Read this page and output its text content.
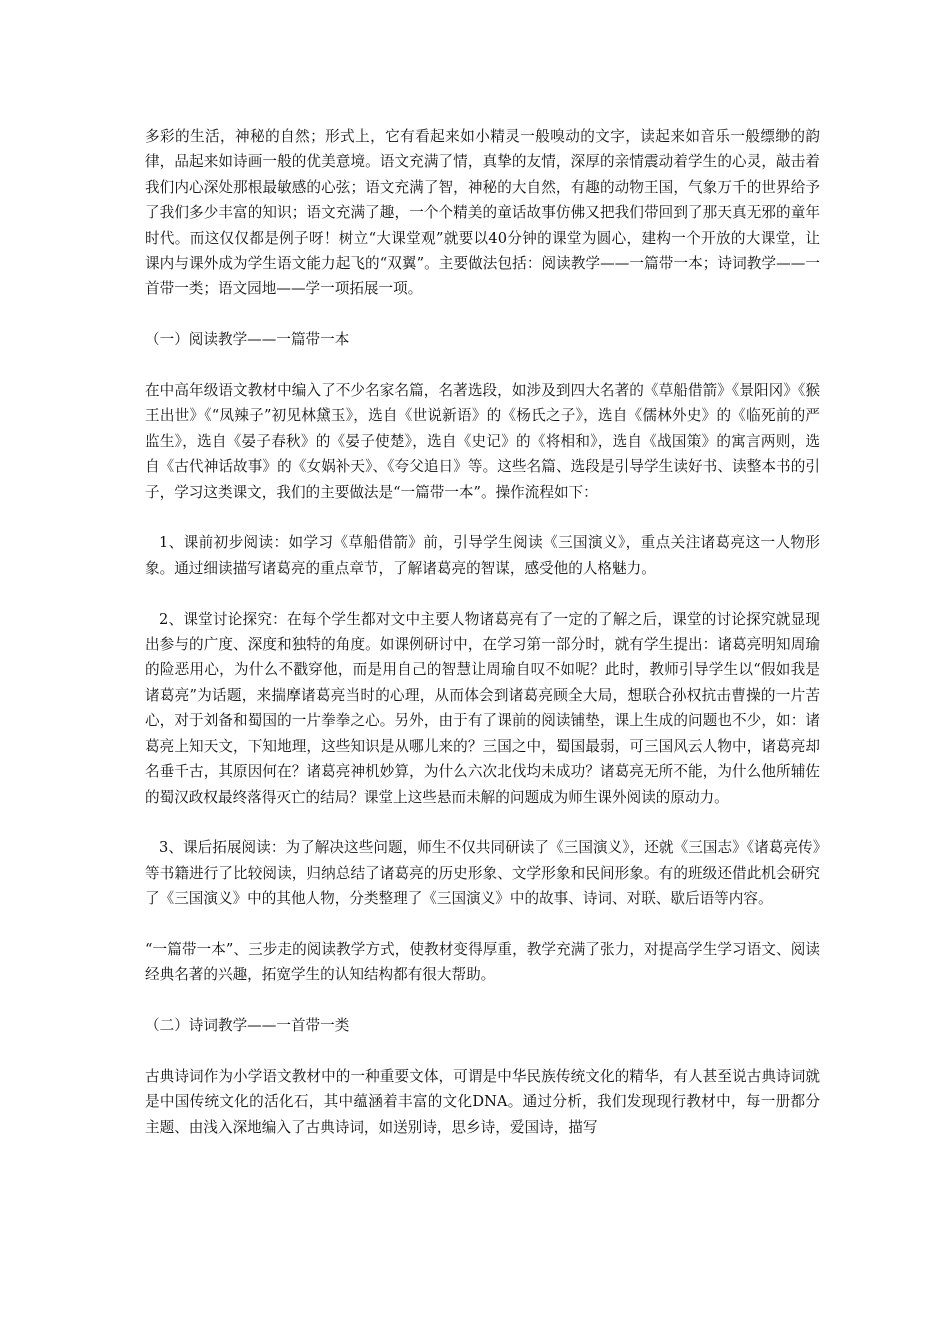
多彩的生活，神秘的自然；形式上，它有看起来如小精灵一般嗅动的文字，读起来如音乐一般缥缈的韵律，品起来如诗画一般的优美意境。语文充满了情，真挚的友情，深厚的亲情震动着学生的心灵，敲击着我们内心深处那根最敏感的心弦；语文充满了智，神秘的大自然，有趣的动物王国，气象万千的世界给予了我们多少丰富的知识；语文充满了趣，一个个精美的童话故事仿佛又把我们带回到了那天真无邪的童年时代。而这仅仅都是例子呀！树立“大课堂观”就要以40分钟的课堂为圆心，建构一个开放的大课堂，让课内与课外成为学生语文能力起飞的“双翼”。主要做法包括：阅读教学——一篇带一本；诗词教学——一首带一类；语文园地——学一项拓展一项。

（一）阅读教学——一篇带一本

在中高年级语文教材中编入了不少名家名篇，名著选段，如涉及到四大名著的《草船借箭》《景阳冈》《猴王出世》《“凤辣子”初见林黛玉》，选自《世说新语》的《杨氏之子》，选自《儒林外史》的《临死前的严监生》，选自《晏子春秋》的《晏子使楚》，选自《史记》的《将相和》，选自《战国策》的寓言两则，选自《古代神话故事》的《女娲补天》、《夸父追日》等。这些名篇、选段是引导学生读好书、读整本书的引子，学习这类课文，我们的主要做法是“一篇带一本”。操作流程如下：

1、课前初步阅读：如学习《草船借箭》前，引导学生阅读《三国演义》，重点关注诸葛亮这一人物形象。通过细读描写诸葛亮的重点章节，了解诸葛亮的智谋，感受他的人格魅力。

2、课堂讨论探究：在每个学生都对文中主要人物诸葛亮有了一定的了解之后，课堂的讨论探究就显现出参与的广度、深度和独特的角度。如课例研讨中，在学习第一部分时，就有学生提出：诸葛亮明知周瑜的险恶用心，为什么不戳穿他，而是用自己的智慧让周瑜自叹不如呢？此时，教师引导学生以“假如我是诸葛亮”为话题，来揣摩诸葛亮当时的心理，从而体会到诸葛亮顾全大局，想联合孙权抗击曹操的一片苦心，对于刘备和蜀国的一片拳拳之心。另外，由于有了课前的阅读铺垫，课上生成的问题也不少，如：诸葛亮上知天文，下知地理，这些知识是从哪儿来的？三国之中，蜀国最弱，可三国风云人物中，诸葛亮却名垂千古，其原因何在？诸葛亮神机妙算，为什么六次北伐均未成功？诸葛亮无所不能，为什么他所辅佐的蜀汉政权最终落得灭亡的结局？课堂上这些悬而未解的问题成为师生课外阅读的原动力。

3、课后拓展阅读：为了解决这些问题，师生不仅共同研读了《三国演义》，还就《三国志》《诸葛亮传》等书籍进行了比较阅读，归纳总结了诸葛亮的历史形象、文学形象和民间形象。有的班级还借此机会研究了《三国演义》中的其他人物，分类整理了《三国演义》中的故事、诗词、对联、歇后语等内容。

“一篇带一本”、三步走的阅读教学方式，使教材变得厚重，教学充满了张力，对提高学生学习语文、阅读经典名著的兴趣，拓宽学生的认知结构都有很大帮助。

（二）诗词教学——一首带一类

古典诗词作为小学语文教材中的一种重要文体，可谓是中华民族传统文化的精华，有人甚至说古典诗词就是中国传统文化的活化石，其中蕴涵着丰富的文化DNA。通过分析，我们发现现行教材中，每一册都分主题、由浅入深地编入了古典诗词，如送别诗，思乡诗，爱国诗，描写
